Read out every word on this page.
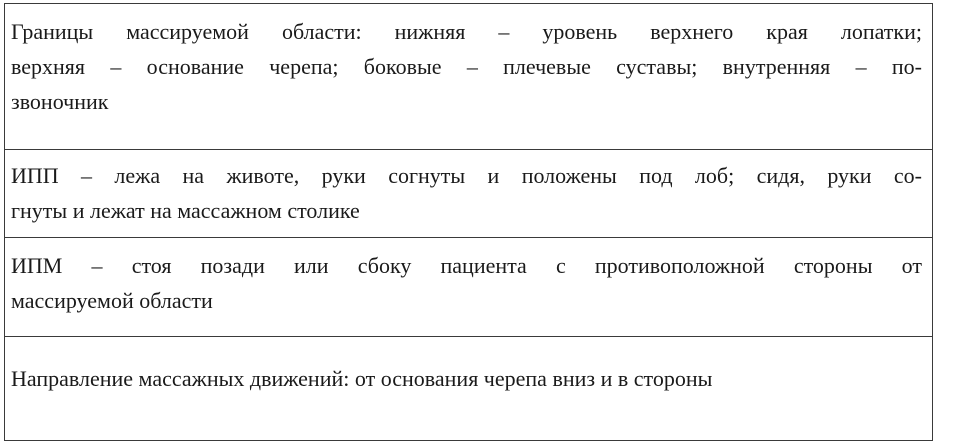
Границы массируемой области: нижняя – уровень верхнего края лопатки;
верхняя – основание черепа; боковые – плечевые суставы; внутренняя – по-
звоночник

ИПП – лежа на животе, руки согнуты и положены под лоб; сидя, руки со-
гнуты и лежат на массажном столике

ИПМ – стоя позади или сбоку пациента с противоположной стороны от
массируемой области

Направление массажных движений: от основания черепа вниз и в стороны
